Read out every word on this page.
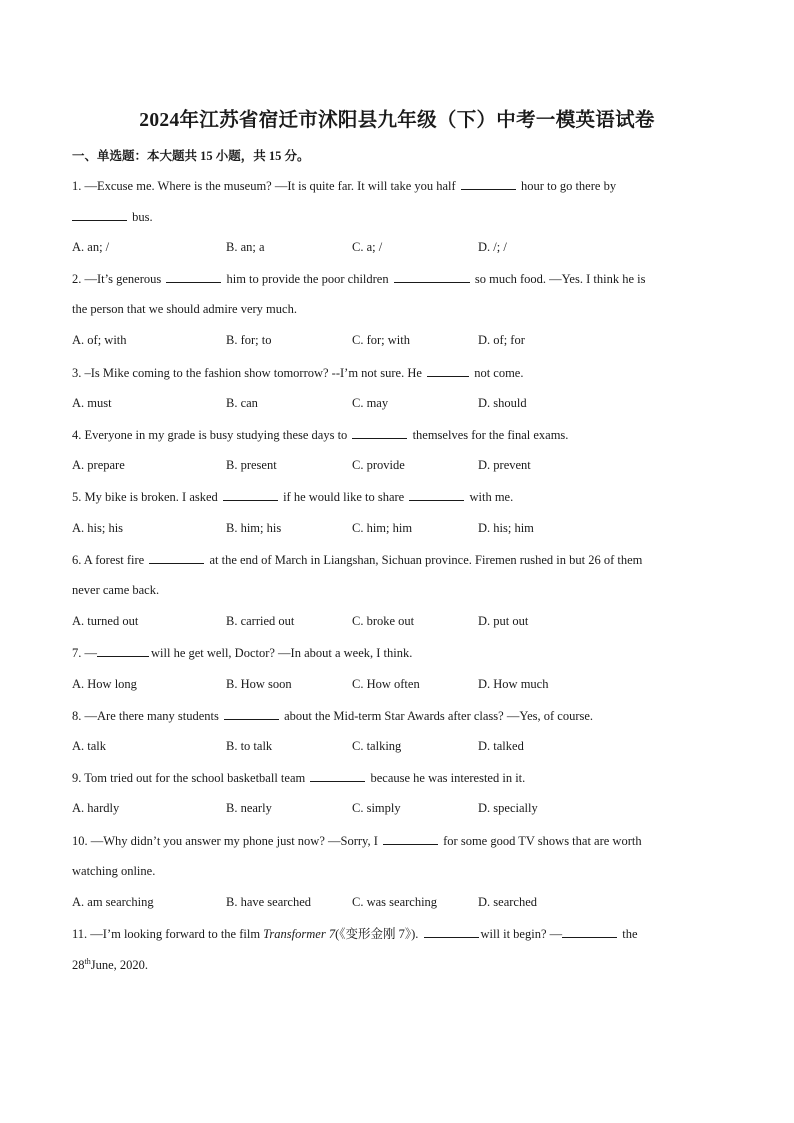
2024年江苏省宿迁市沭阳县九年级（下）中考一模英语试卷
一、单选题：本大题共 15 小题，共 15 分。
1. —Excuse me. Where is the museum? —It is quite far. It will take you half	hour to go there by
bus.
A. an; /	B. an; a	C. a; /	D. /; /
2. —It’s generous	him to provide the poor children	so much food. —Yes. I think he is
the person that we should admire very much.
A. of; with	B. for; to	C. for; with	D. of; for
3. –Is Mike coming to the fashion show tomorrow? --I’m not sure. He	not come.
A. must	B. can	C. may	D. should
4. Everyone in my grade is busy studying these days to	themselves for the final exams.
A. prepare	B. present	C. provide	D. prevent
5. My bike is broken. I asked	if he would like to share	with me.
A. his; his	B. him; his	C. him; him	D. his; him
6. A forest fire	at the end of March in Liangshan, Sichuan province. Firemen rushed in but 26 of them
never came back.
A. turned out	B. carried out	C. broke out	D. put out
7. —	will he get well, Doctor? —In about a week, I think.
A. How long	B. How soon	C. How often	D. How much
8. —Are there many students	about the Mid-term Star Awards after class? —Yes, of course.
A. talk	B. to talk	C. talking	D. talked
9. Tom tried out for the school basketball team	because he was interested in it.
A. hardly	B. nearly	C. simply	D. specially
10. —Why didn’t you answer my phone just now? —Sorry, I	for some good TV shows that are worth
watching online.
A. am searching	B. have searched	C. was searching	D. searched
11. —I’m looking forward to the film Transformer 7(《变形金刚 7》).	will it begin? —	the
28thJune, 2020.
